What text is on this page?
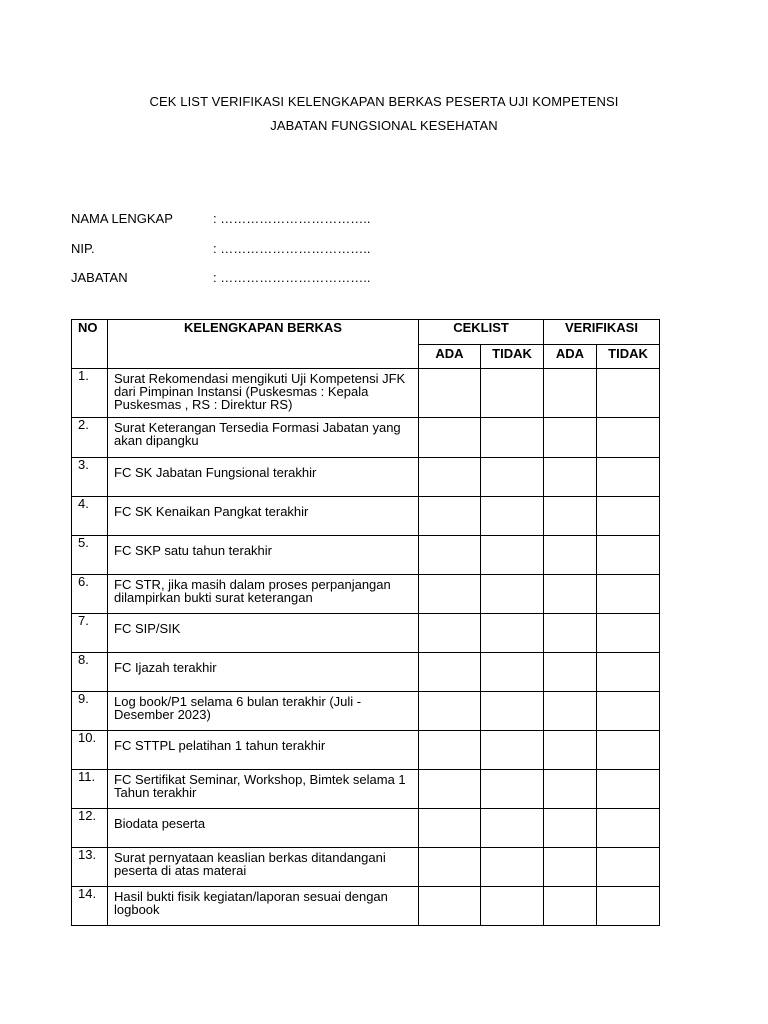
CEK LIST VERIFIKASI KELENGKAPAN BERKAS PESERTA UJI KOMPETENSI
JABATAN FUNGSIONAL KESEHATAN
NAMA LENGKAP	: ……………………………..
NIP.	: ……………………………..
JABATAN	: ……………………………..
NO	KELENGKAPAN BERKAS	CEKLIST		VERIFIKASI	

		ADA	TIDAK	ADA	TIDAK

1.	Surat Rekomendasi mengikuti Uji Kompetensi JFK dari Pimpinan Instansi (Puskesmas : Kepala Puskesmas , RS : Direktur RS)				

2.	Surat Keterangan Tersedia Formasi Jabatan yang akan dipangku				

3.	FC SK Jabatan Fungsional terakhir				

4.	FC SK Kenaikan Pangkat terakhir				

5.	FC SKP satu tahun terakhir				

6.	FC STR, jika masih dalam proses perpanjangan dilampirkan bukti surat keterangan				

7.	FC SIP/SIK				

8.	FC Ijazah terakhir				

9.	Log book/P1 selama 6 bulan terakhir (Juli - Desember 2023)				

10.	FC STTPL pelatihan 1 tahun terakhir				

11.	FC Sertifikat Seminar, Workshop, Bimtek selama 1 Tahun terakhir				

12.	Biodata peserta				

13.	Surat pernyataan keaslian berkas ditandangani peserta di atas materai				

14.	Hasil bukti fisik kegiatan/laporan sesuai dengan logbook				
